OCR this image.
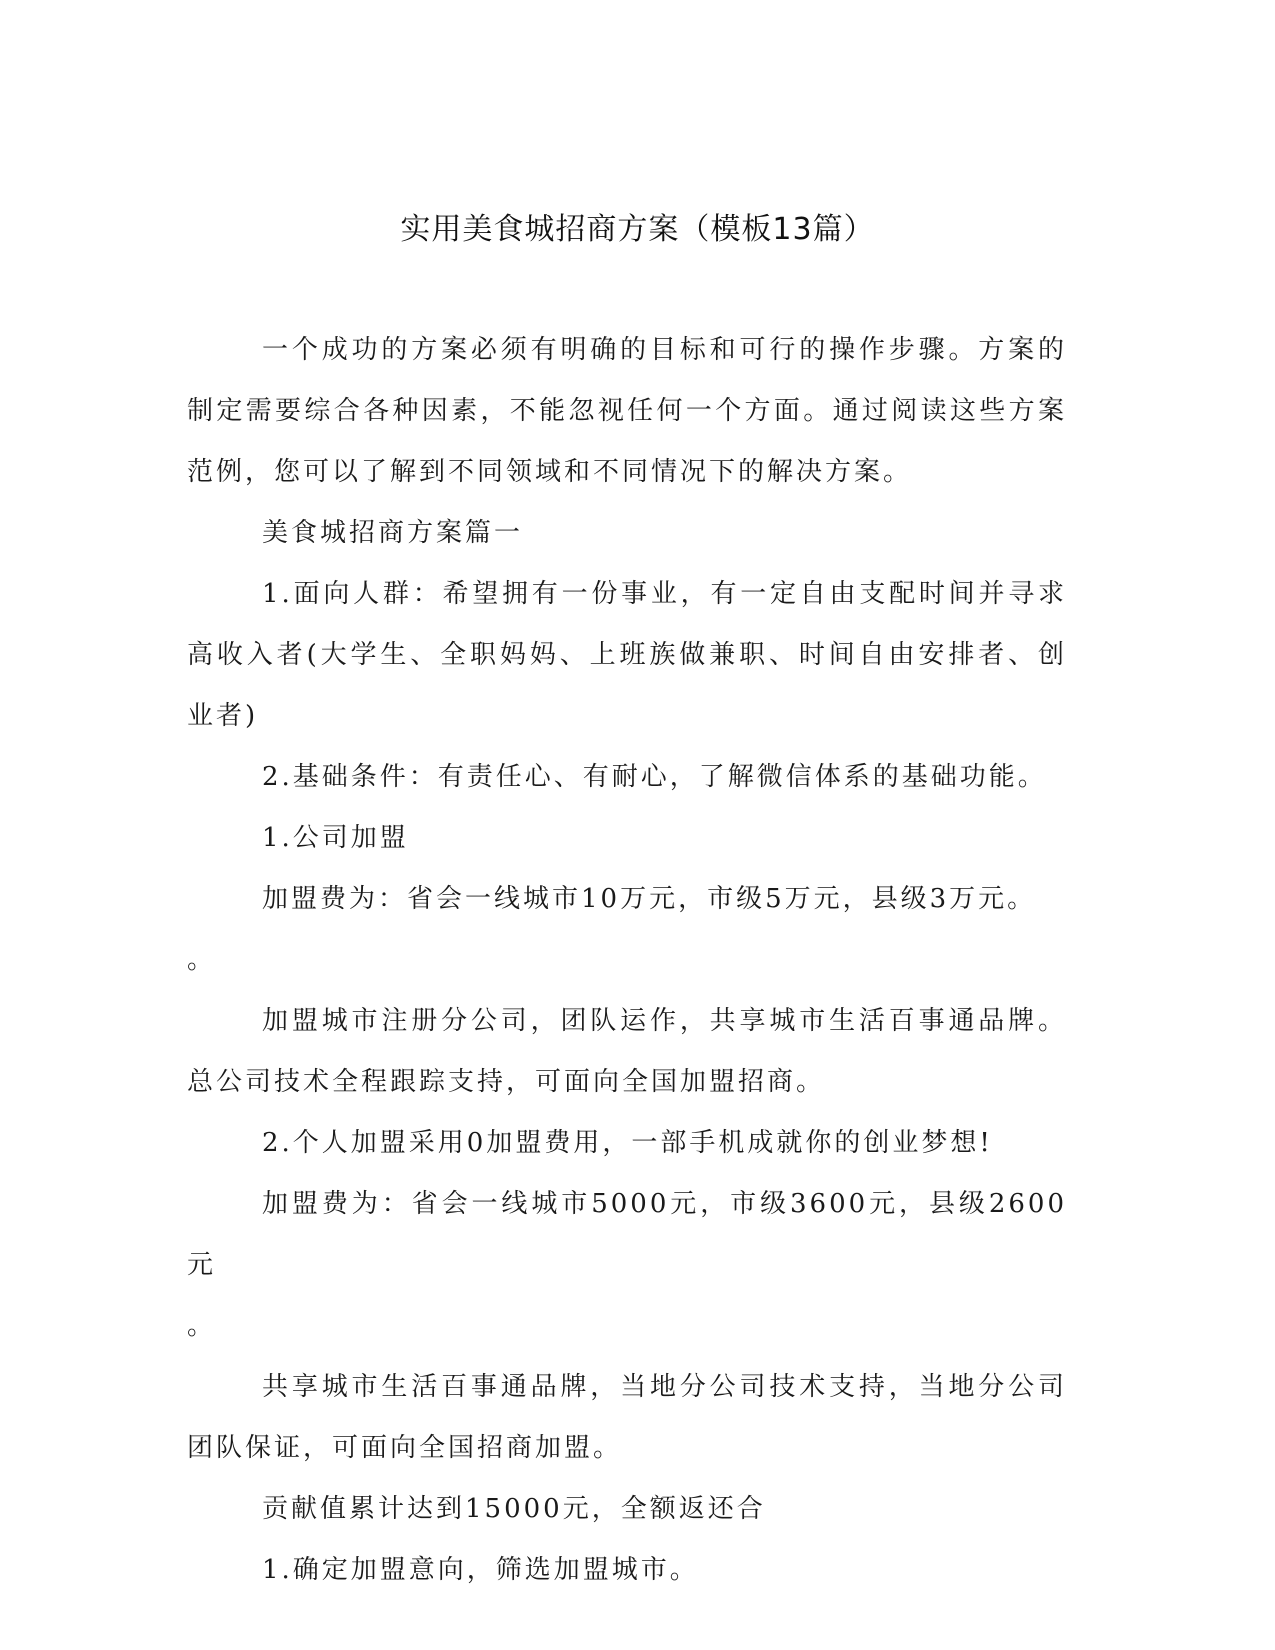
实用美食城招商方案（模板13篇）

一个成功的方案必须有明确的目标和可行的操作步骤。方案的制定需要综合各种因素，不能忽视任何一个方面。通过阅读这些方案范例，您可以了解到不同领域和不同情况下的解决方案。

美食城招商方案篇一

1.面向人群：希望拥有一份事业，有一定自由支配时间并寻求高收入者(大学生、全职妈妈、上班族做兼职、时间自由安排者、创业者)

2.基础条件：有责任心、有耐心，了解微信体系的基础功能。

1.公司加盟

加盟费为：省会一线城市10万元，市级5万元，县级3万元。

。

加盟城市注册分公司，团队运作，共享城市生活百事通品牌。总公司技术全程跟踪支持，可面向全国加盟招商。

2.个人加盟采用0加盟费用，一部手机成就你的创业梦想!

加盟费为：省会一线城市5000元，市级3600元，县级2600元

。

共享城市生活百事通品牌，当地分公司技术支持，当地分公司团队保证，可面向全国招商加盟。

贡献值累计达到15000元，全额返还合

1.确定加盟意向，筛选加盟城市。
